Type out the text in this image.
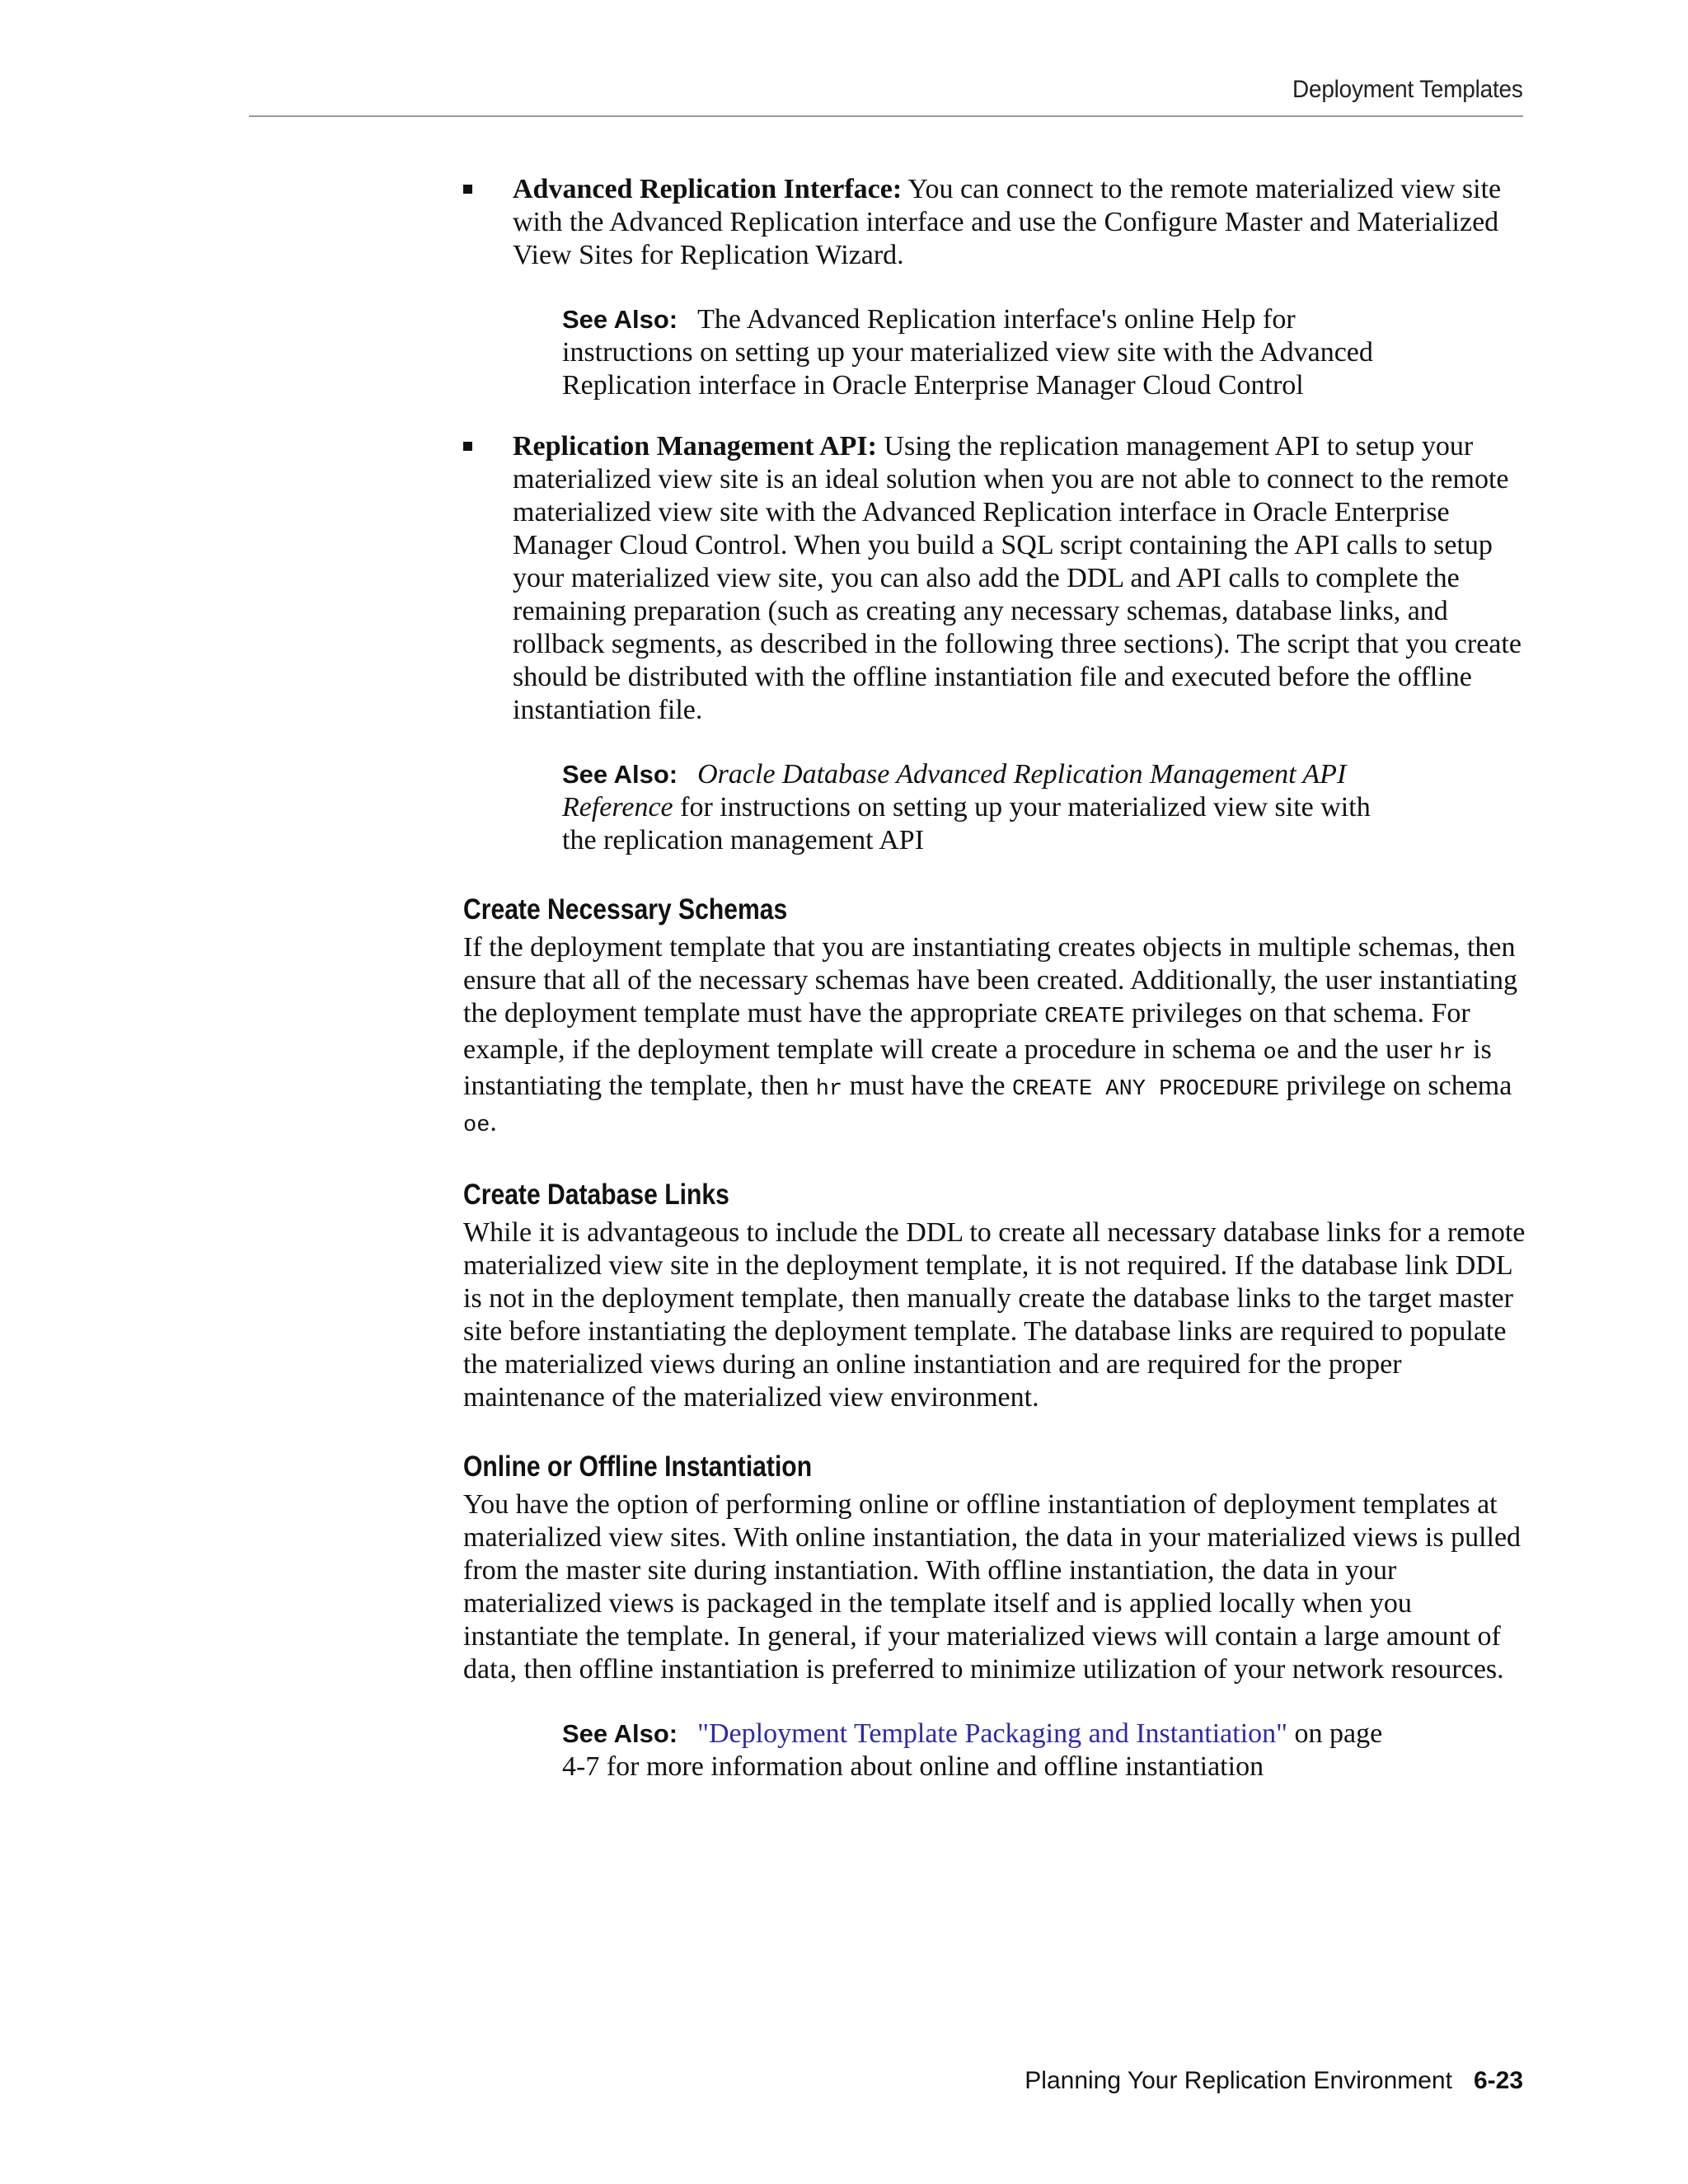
Deployment Templates

Advanced Replication Interface: You can connect to the remote materialized view site with the Advanced Replication interface and use the Configure Master and Materialized View Sites for Replication Wizard.

See Also: The Advanced Replication interface's online Help for instructions on setting up your materialized view site with the Advanced Replication interface in Oracle Enterprise Manager Cloud Control

Replication Management API: Using the replication management API to setup your materialized view site is an ideal solution when you are not able to connect to the remote materialized view site with the Advanced Replication interface in Oracle Enterprise Manager Cloud Control. When you build a SQL script containing the API calls to setup your materialized view site, you can also add the DDL and API calls to complete the remaining preparation (such as creating any necessary schemas, database links, and rollback segments, as described in the following three sections). The script that you create should be distributed with the offline instantiation file and executed before the offline instantiation file.

See Also: Oracle Database Advanced Replication Management API Reference for instructions on setting up your materialized view site with the replication management API
Create Necessary Schemas

If the deployment template that you are instantiating creates objects in multiple schemas, then ensure that all of the necessary schemas have been created. Additionally, the user instantiating the deployment template must have the appropriate CREATE privileges on that schema. For example, if the deployment template will create a procedure in schema oe and the user hr is instantiating the template, then hr must have the CREATE ANY PROCEDURE privilege on schema oe.

Create Database Links

While it is advantageous to include the DDL to create all necessary database links for a remote materialized view site in the deployment template, it is not required. If the database link DDL is not in the deployment template, then manually create the database links to the target master site before instantiating the deployment template. The database links are required to populate the materialized views during an online instantiation and are required for the proper maintenance of the materialized view environment.

Online or Offline Instantiation

You have the option of performing online or offline instantiation of deployment templates at materialized view sites. With online instantiation, the data in your materialized views is pulled from the master site during instantiation. With offline instantiation, the data in your materialized views is packaged in the template itself and is applied locally when you instantiate the template. In general, if your materialized views will contain a large amount of data, then offline instantiation is preferred to minimize utilization of your network resources.

See Also: "Deployment Template Packaging and Instantiation" on page 4-7 for more information about online and offline instantiation
Planning Your Replication Environment 6-23
